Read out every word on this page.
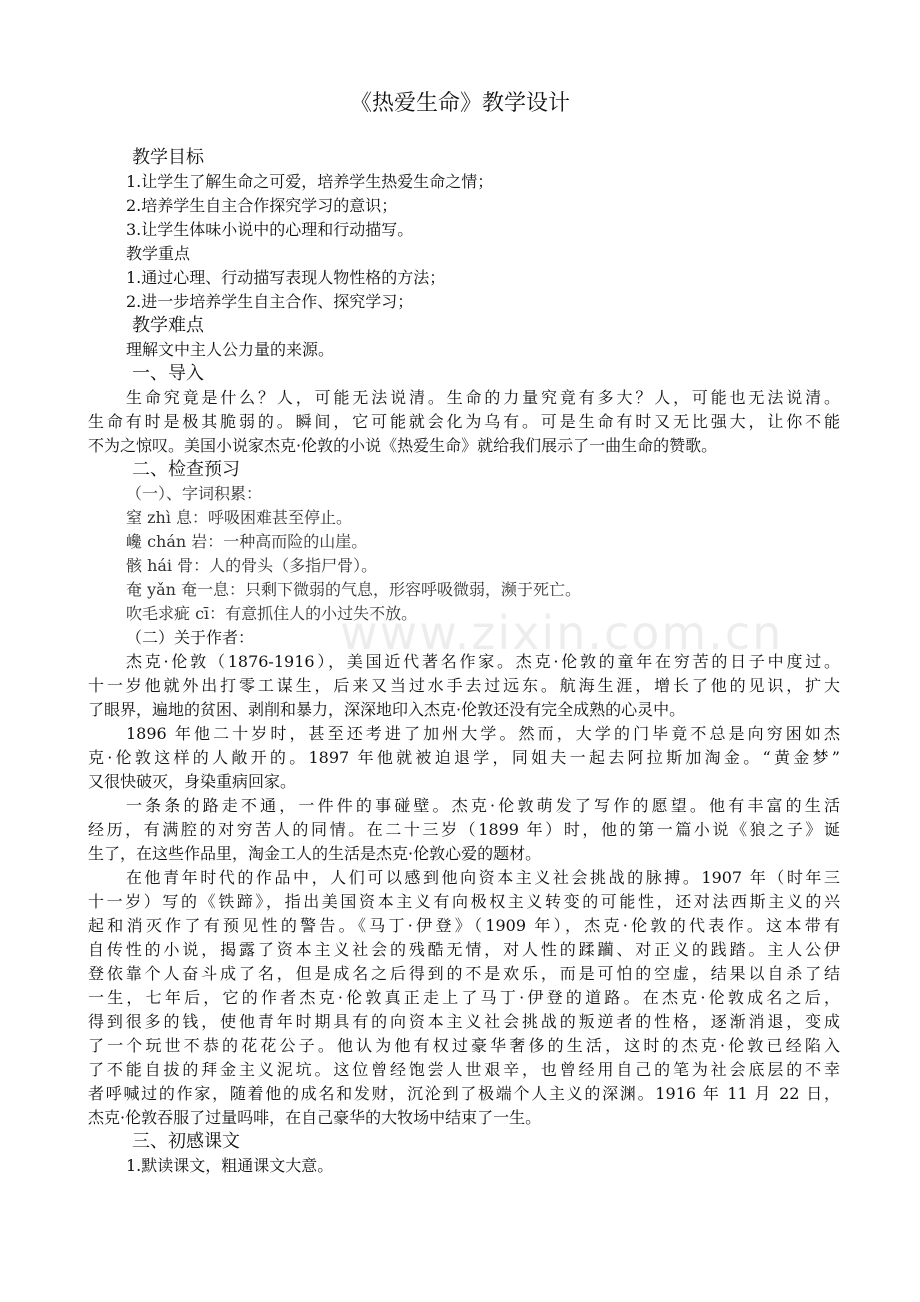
www.zixin.com.cn
《热爱生命》教学设计
教学目标
1.让学生了解生命之可爱，培养学生热爱生命之情；
2.培养学生自主合作探究学习的意识；
3.让学生体味小说中的心理和行动描写。
教学重点
1.通过心理、行动描写表现人物性格的方法；
2.进一步培养学生自主合作、探究学习；
教学难点
理解文中主人公力量的来源。
一、导入
生命究竟是什么？人，可能无法说清。生命的力量究竟有多大？人，可能也无法说清。
生命有时是极其脆弱的。瞬间，它可能就会化为乌有。可是生命有时又无比强大，让你不能
不为之惊叹。美国小说家杰克·伦敦的小说《热爱生命》就给我们展示了一曲生命的赞歌。
二、检查预习
（一）、字词积累：
窒 zhì 息：呼吸困难甚至停止。
巉 chán 岩：一种高而险的山崖。
骸 hái 骨：人的骨头（多指尸骨）。
奄 yǎn 奄一息：只剩下微弱的气息，形容呼吸微弱，濒于死亡。
吹毛求疵 cī：有意抓住人的小过失不放。
（二）关于作者：
杰克·伦敦（1876-1916），美国近代著名作家。杰克·伦敦的童年在穷苦的日子中度过。
十一岁他就外出打零工谋生，后来又当过水手去过远东。航海生涯，增长了他的见识，扩大
了眼界，遍地的贫困、剥削和暴力，深深地印入杰克·伦敦还没有完全成熟的心灵中。
1896 年他二十岁时，甚至还考进了加州大学。然而，大学的门毕竟不总是向穷困如杰
克·伦敦这样的人敞开的。1897 年他就被迫退学，同姐夫一起去阿拉斯加淘金。“黄金梦”
又很快破灭，身染重病回家。
一条条的路走不通，一件件的事碰壁。杰克·伦敦萌发了写作的愿望。他有丰富的生活
经历，有满腔的对穷苦人的同情。在二十三岁（1899 年）时，他的第一篇小说《狼之子》诞
生了，在这些作品里，淘金工人的生活是杰克·伦敦心爱的题材。
在他青年时代的作品中，人们可以感到他向资本主义社会挑战的脉搏。1907 年（时年三
十一岁）写的《铁蹄》，指出美国资本主义有向极权主义转变的可能性，还对法西斯主义的兴
起和消灭作了有预见性的警告。《马丁·伊登》（1909 年），杰克·伦敦的代表作。这本带有
自传性的小说，揭露了资本主义社会的残酷无情，对人性的蹂躏、对正义的践踏。主人公伊
登依靠个人奋斗成了名，但是成名之后得到的不是欢乐，而是可怕的空虚，结果以自杀了结
一生，七年后，它的作者杰克·伦敦真正走上了马丁·伊登的道路。在杰克·伦敦成名之后，
得到很多的钱，使他青年时期具有的向资本主义社会挑战的叛逆者的性格，逐渐消退，变成
了一个玩世不恭的花花公子。他认为他有权过豪华奢侈的生活，这时的杰克·伦敦已经陷入
了不能自拔的拜金主义泥坑。这位曾经饱尝人世艰辛，也曾经用自己的笔为社会底层的不幸
者呼喊过的作家，随着他的成名和发财，沉沦到了极端个人主义的深渊。1916 年 11 月 22 日，
杰克·伦敦吞服了过量吗啡，在自己豪华的大牧场中结束了一生。
三、初感课文
1.默读课文，粗通课文大意。
